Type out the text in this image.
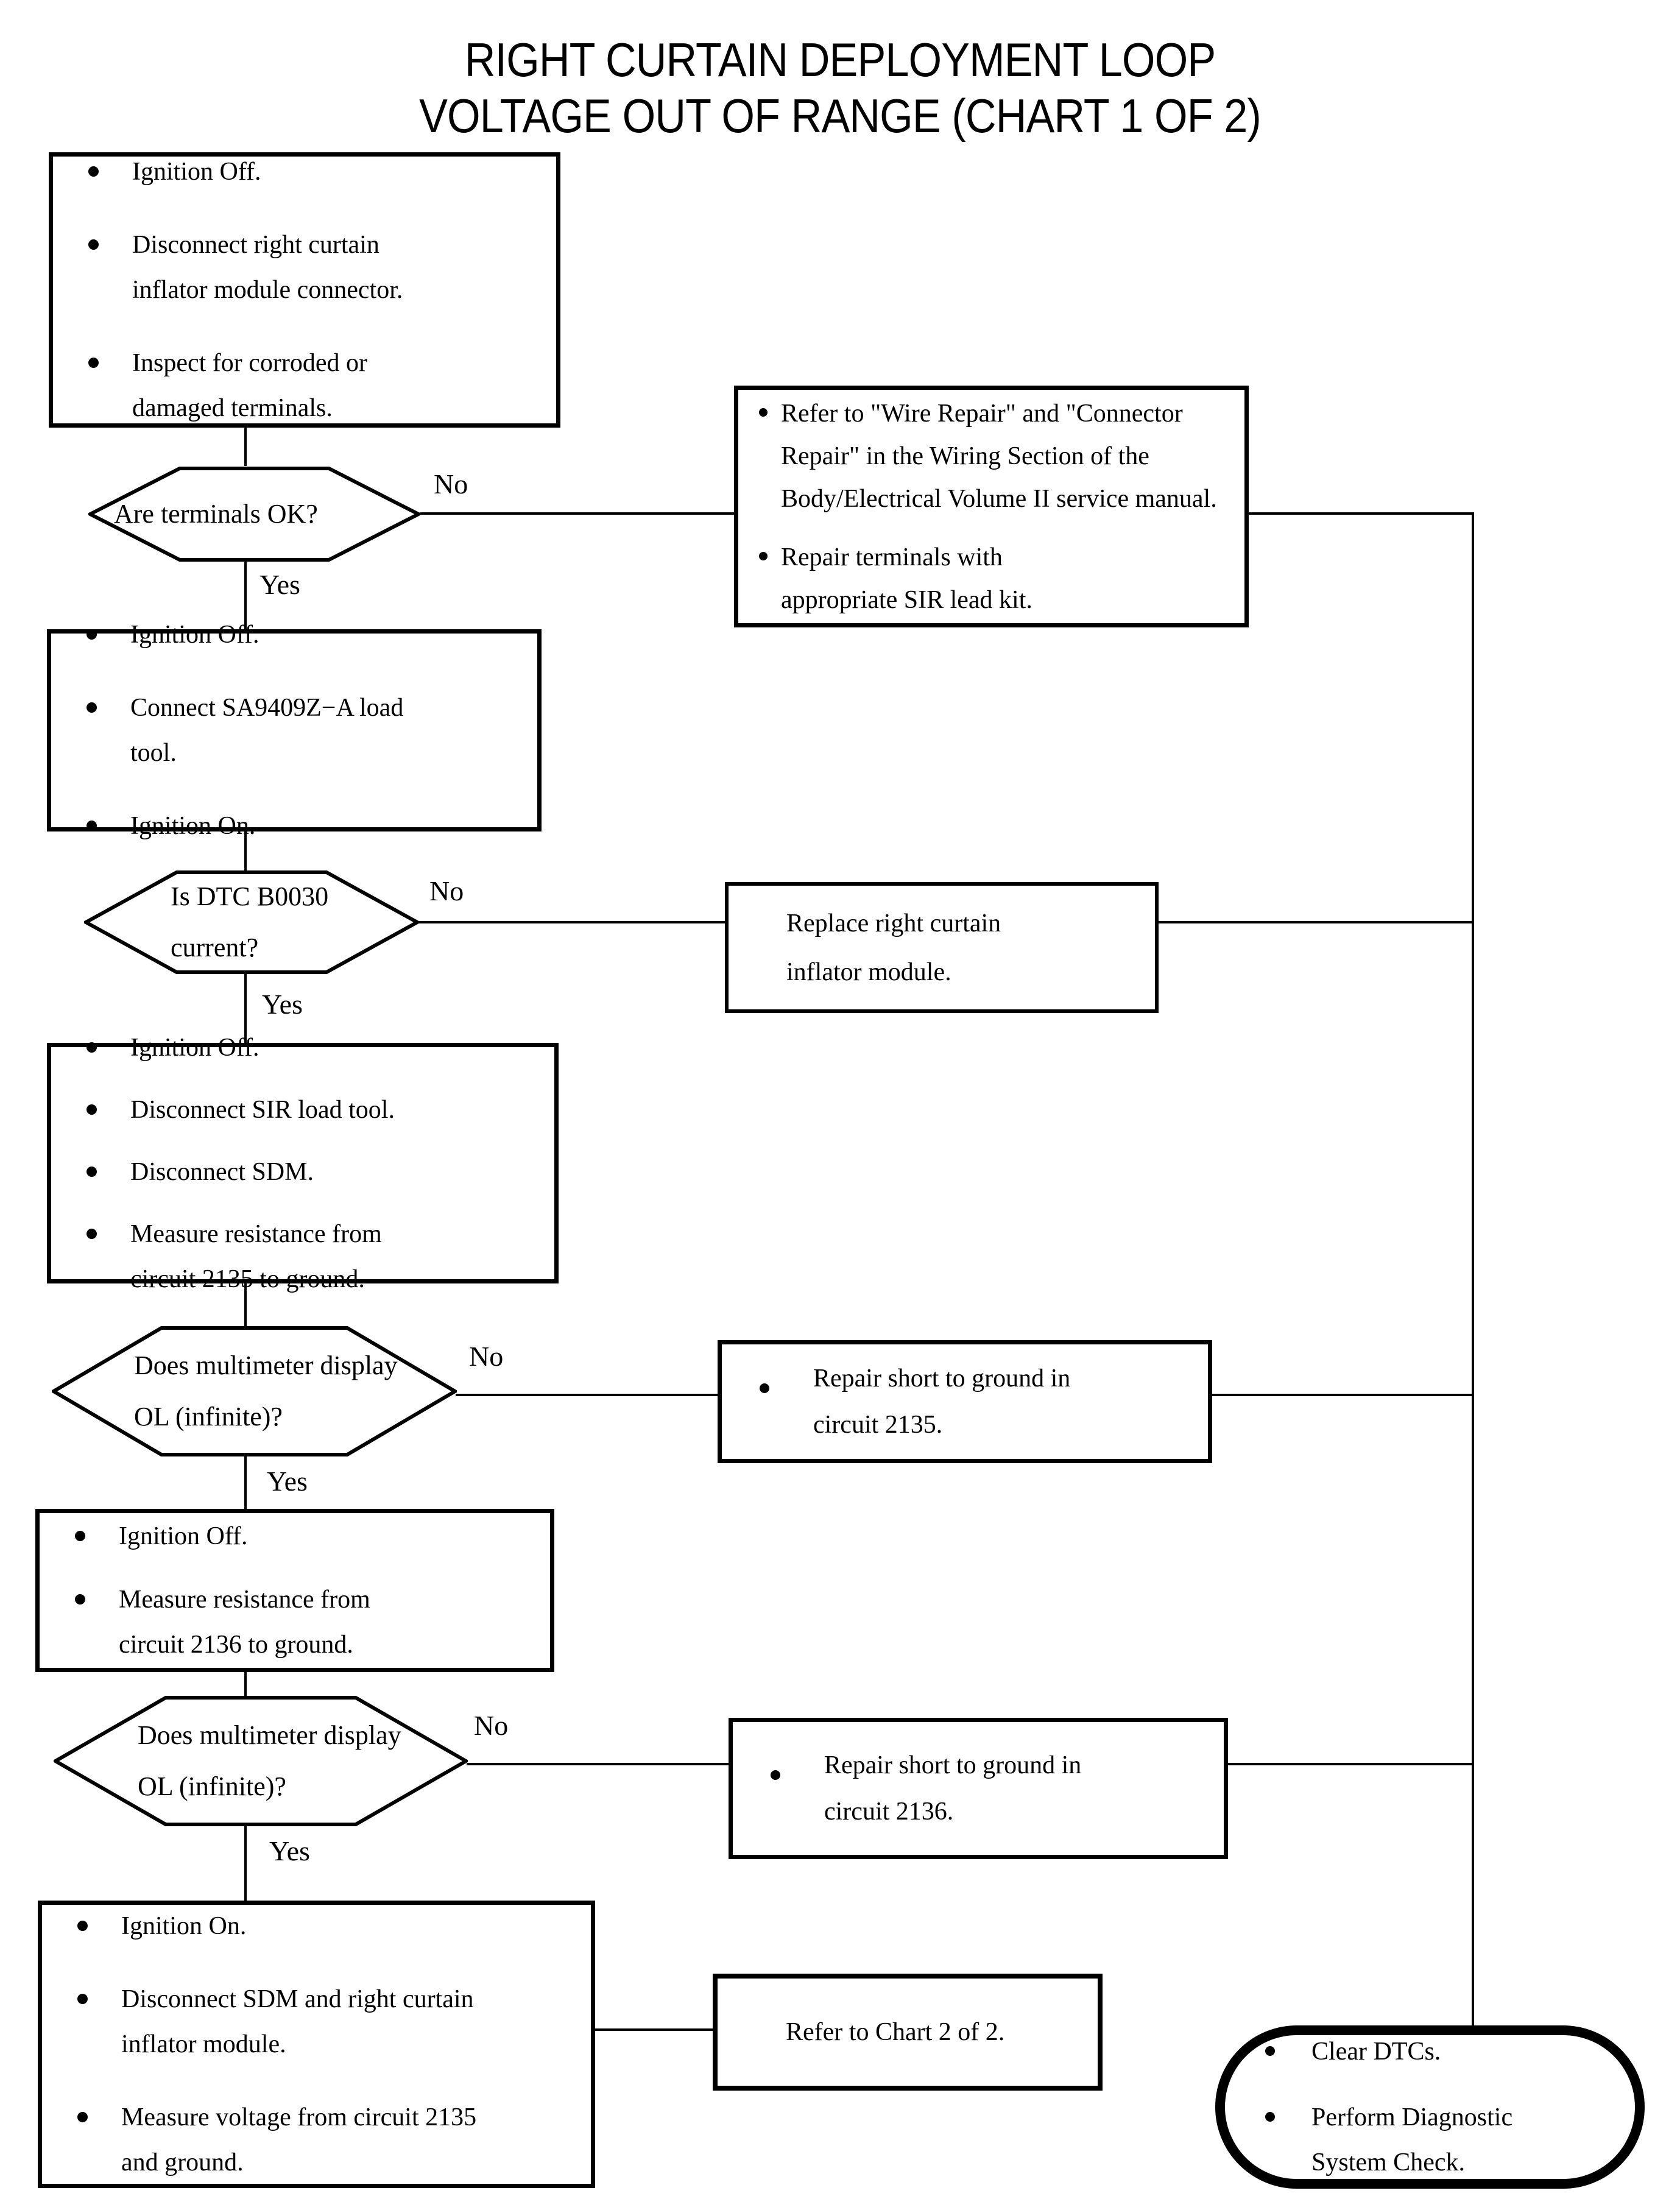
RIGHT CURTAIN DEPLOYMENT LOOP
VOLTAGE OUT OF RANGE (CHART 1 OF 2)
Ignition Off.
Disconnect right curtain inflator module connector.
Inspect for corroded or damaged terminals.
Are terminals OK?
No
Yes
Refer to "Wire Repair" and "Connector Repair" in the Wiring Section of the Body/Electrical Volume II service manual.
Repair terminals with appropriate SIR lead kit.
Ignition Off.
Connect SA9409Z−A load tool.
Ignition On.
Is DTC B0030 current?
No
Yes
Replace right curtain inflator module.
Ignition Off.
Disconnect SIR load tool.
Disconnect SDM.
Measure resistance from circuit 2135 to ground.
Does multimeter display OL (infinite)?
No
Yes
Repair short to ground in circuit 2135.
Ignition Off.
Measure resistance from circuit 2136 to ground.
Does multimeter display OL (infinite)?
No
Yes
Repair short to ground in circuit 2136.
Ignition On.
Disconnect SDM and right curtain inflator module.
Measure voltage from circuit 2135 and ground.
Refer to Chart 2 of 2.
Clear DTCs.
Perform Diagnostic System Check.
